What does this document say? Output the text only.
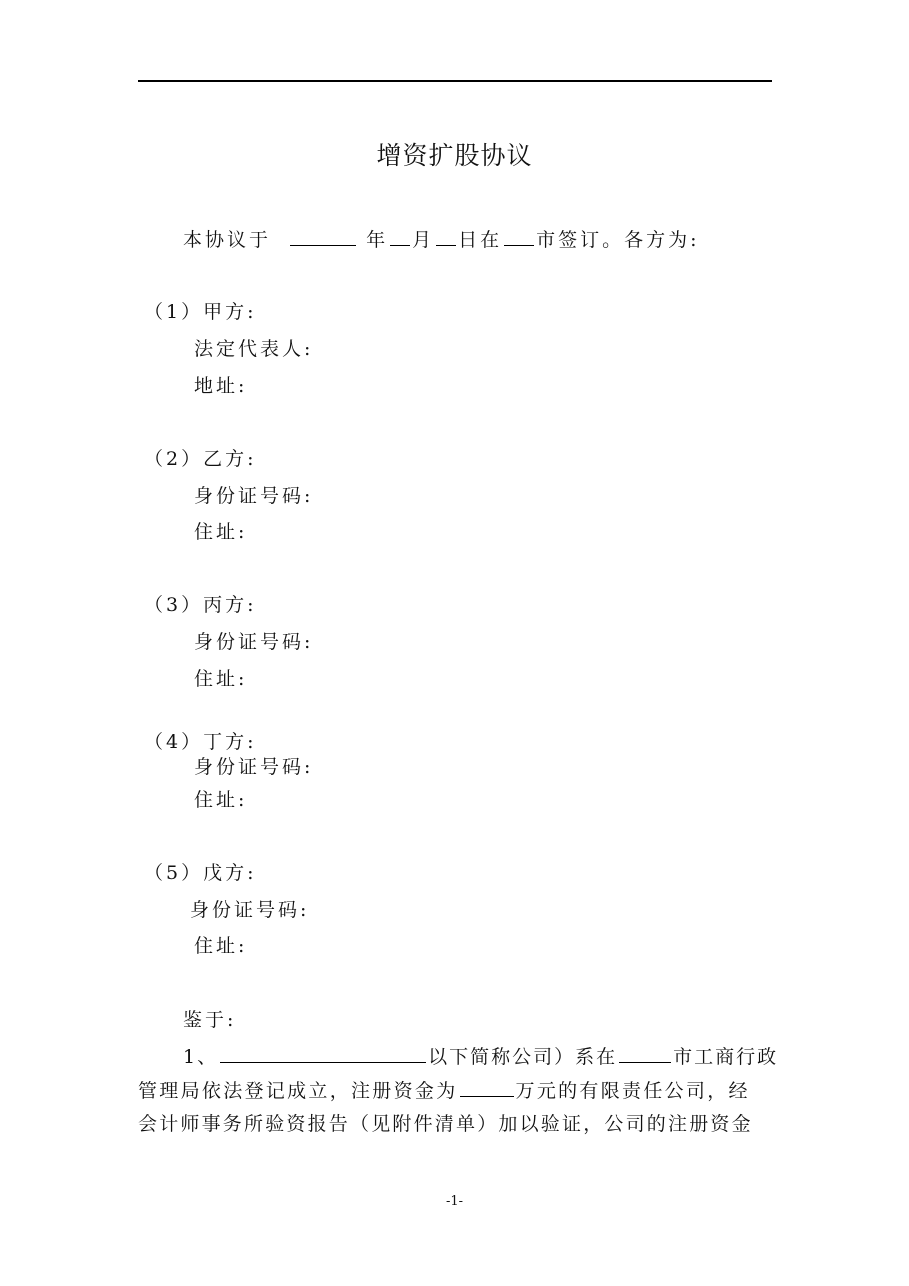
增资扩股协议
本协议于	年 月 日在 市签订。各方为:
（1）甲方:
法定代表人:
地址:
（2）乙方:
身份证号码:
住址:
（3）丙方:
身份证号码:
住址:
（4）丁方:
身份证号码:
住址:
（5）戊方:
身份证号码:
住址:
鉴于:
1、	以下简称公司）系在	市工商行政
管理局依法登记成立，注册资金为	万元的有限责任公司，经
会计师事务所验资报告（见附件清单）加以验证，公司的注册资金
-1-
